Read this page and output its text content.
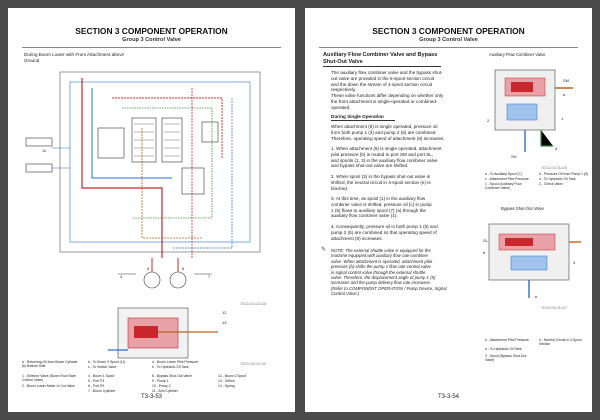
SECTION 3 COMPONENT OPERATION
Group 3 Control Valve
During Boom Lower with From Attachment above
Ground
11
4
5	6
7
TDCD-03-03-018
12
13
TDCD-03-03-019
a - Returning Oil from Boom Cylinder (b) Bottom Side
b - To Boom 2 Spool (11)
c - To Switch Valve
d - Boom Lower Pilot Pressure
e - To Hydraulic Oil Tank
1 - Selector Valve (Boom Flow Rate Control Valve)
2 - Boom Lower Meter-In Cut Valve
4 - Boom 1 Spool
5 - Port P3
6 - Port P9
7 - Boom Cylinder
8 - Bypass Shut-Out Valve
9 - Pump 1
10 - Pump 2
11 - Arm Cylinder
12 - Boom 2 Spool
13 - Orifice
14 - Spring
T3-3-53
SECTION 3 COMPONENT OPERATION
Group 3 Control Valve
Auxiliary Flow Combiner Valve and Bypass
Shut-Out Valve
The auxiliary flow combiner valve and the bypass shut-
out valve are provided in the 5-spool section circuit
and the down the stream of 4-spool section circuit
respectively.
These valve functions differ depending on whether only
the front attachment is single-operated or combined-
operated.
During Single Operation
When attachment (8) is single operated, pressure oil
from both pump 1 (3) and pump 2 (6) are combined.
Therefore, operating speed of attachment (8) increases.
1. When attachment (8) is single operated, attachment
pilot pressure (b) is routed to port SM and port SL,
and spools (1, 3) in the auxiliary flow combiner valve
and bypass shut-out valve are shifted.
2. When spool (3) in the bypass shut-out valve is
shifted, the neutral circuit in 4-spool section (e) is
blocked.
3. At this time, as spool (1) in the auxiliary flow
combiner valve is shifted, pressure oil (c) in pump
1 (5) flows to auxiliary spool (7) (a) through the
auxiliary flow combiner valve (1).
4. Consequently, pressure oil in both pump 1 (5) and
pump 2 (6) are combined so that operating speed of
attachment (8) increases.
✎ NOTE: The external shuttle valve is equipped for the
machine equipped with auxiliary flow rate combiner
valve. When attachment is operated, attachment pilot
pressure (b) shifts the pump 1 flow rate control valve
in signal control valve through the external shuttle
valve. Therefore, the displacement angle of pump 1 (5)
increases and the pump delivery flow rate increases.
(Refer to COMPONENT OPERATION / Pump Device, Signal
Control Valve.)
Auxiliary Flow Combiner Valve
SM
a
2
SH
d
1
TDCD-03-03-028
a - To Auxiliary Spool (7)
c - Attachment Pilot Pressure
1 - Spool (Auxiliary Flow Combiner Valve)
b - Pressure Oil from Pump 1 (5)
d - To Hydraulic Oil Tank
2 - Check Valve
Bypass Shut-Out Valve
SL
b
3
e
TDCD-03-03-027
b - Attachment Pilot Pressure
d - To Hydraulic Oil Tank
3 - Spool (Bypass Shut-Out Valve)
e - Neutral Circuit in 4-Spool Section
T3-3-54
